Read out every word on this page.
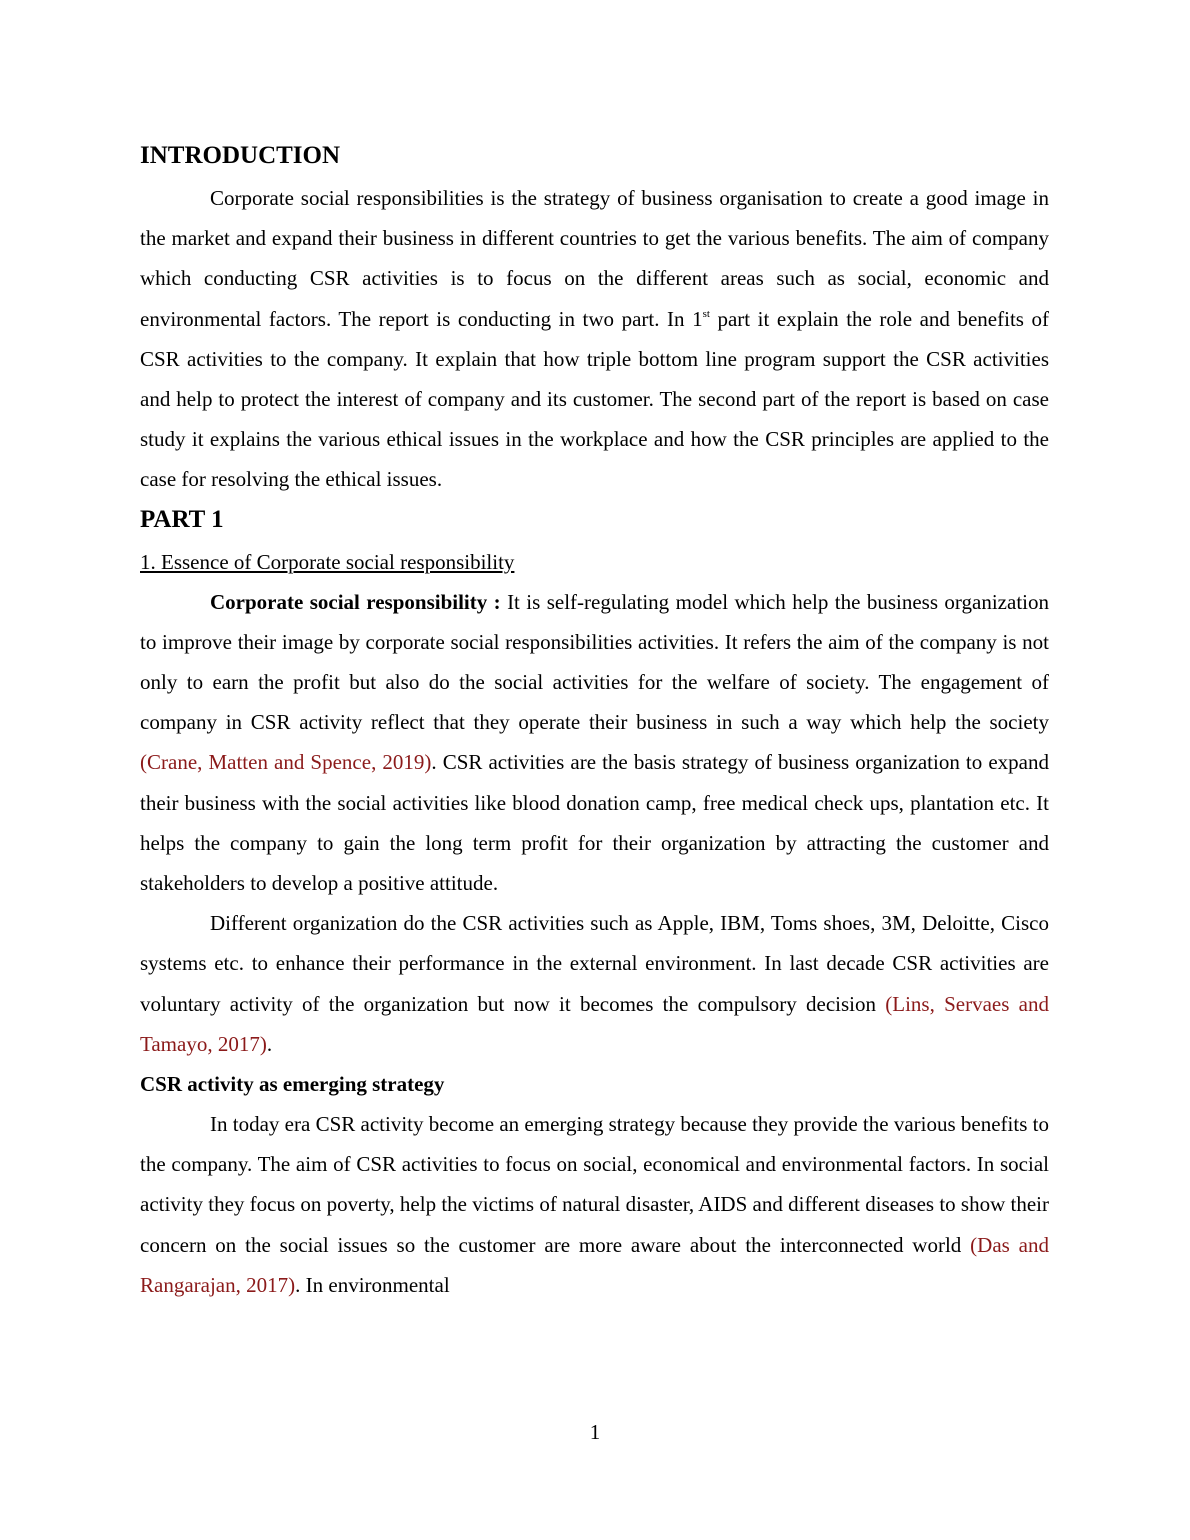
INTRODUCTION

Corporate social responsibilities is the strategy of business organisation to create a good image in the market and expand their business in different countries to get the various benefits. The aim of company which conducting CSR activities is to focus on the different areas such as social, economic and environmental factors. The report is conducting in two part. In 1st part it explain the role and benefits of CSR activities to the company. It explain that how triple bottom line program support the CSR activities and help to protect the interest of company and its customer. The second part of the report is based on case study it explains the various ethical issues in the workplace and how the CSR principles are applied to the case for resolving the ethical issues.

PART 1
1. Essence of Corporate social responsibility

Corporate social responsibility : It is self-regulating model which help the business organization to improve their image by corporate social responsibilities activities. It refers the aim of the company is not only to earn the profit but also do the social activities for the welfare of society. The engagement of company in CSR activity reflect that they operate their business in such a way which help the society (Crane, Matten and Spence, 2019). CSR activities are the basis strategy of business organization to expand their business with the social activities like blood donation camp, free medical check ups, plantation etc. It helps the company to gain the long term profit for their organization by attracting the customer and stakeholders to develop a positive attitude.

Different organization do the CSR activities such as Apple, IBM, Toms shoes, 3M, Deloitte, Cisco systems etc. to enhance their performance in the external environment. In last decade CSR activities are voluntary activity of the organization but now it becomes the compulsory decision (Lins, Servaes and Tamayo, 2017).

CSR activity as emerging strategy

In today era CSR activity become an emerging strategy because they provide the various benefits to the company. The aim of CSR activities to focus on social, economical and environmental factors. In social activity they focus on poverty, help the victims of natural disaster, AIDS and different diseases to show their concern on the social issues so the customer are more aware about the interconnected world (Das and Rangarajan, 2017). In environmental

1
